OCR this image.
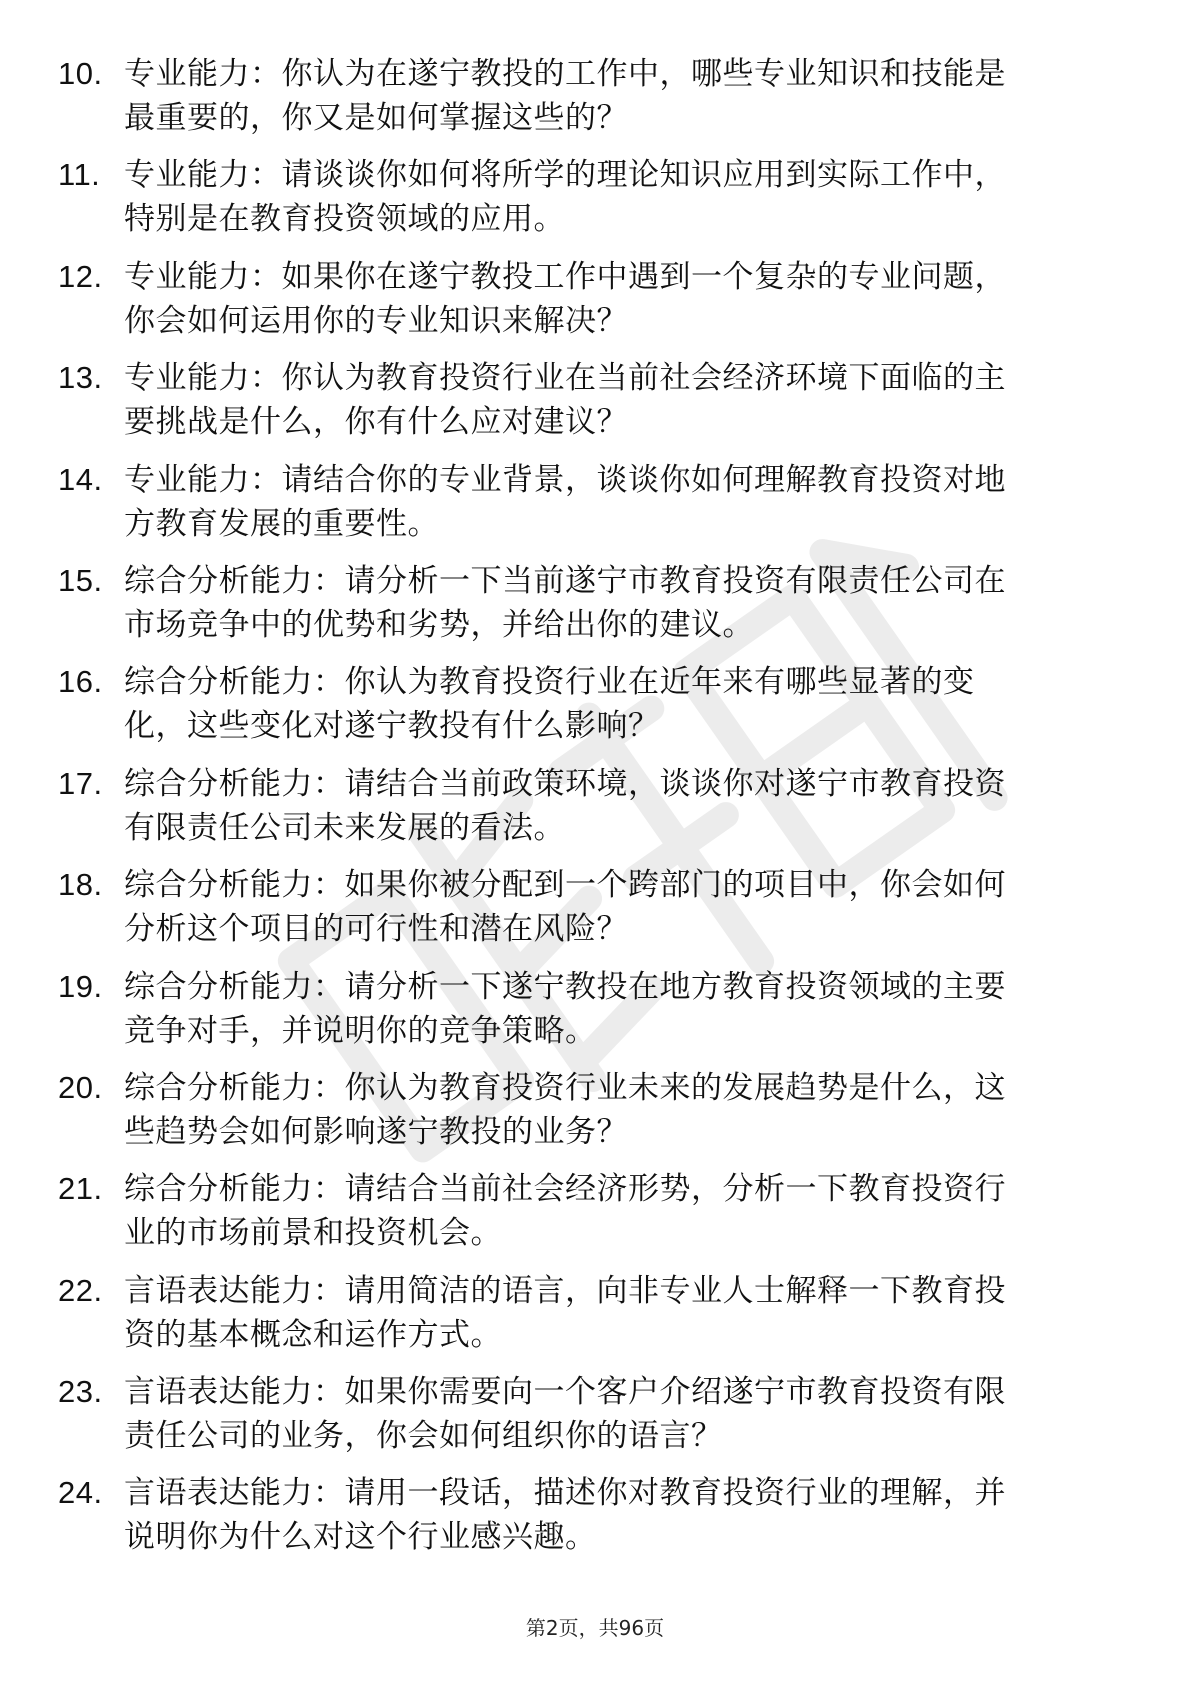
10. 专业能力：你认为在遂宁教投的工作中，哪些专业知识和技能是
最重要的，你又是如何掌握这些的？
11. 专业能力：请谈谈你如何将所学的理论知识应用到实际工作中，
特别是在教育投资领域的应用。
12. 专业能力：如果你在遂宁教投工作中遇到一个复杂的专业问题，
你会如何运用你的专业知识来解决？
13. 专业能力：你认为教育投资行业在当前社会经济环境下面临的主
要挑战是什么，你有什么应对建议？
14. 专业能力：请结合你的专业背景，谈谈你如何理解教育投资对地
方教育发展的重要性。
15. 综合分析能力：请分析一下当前遂宁市教育投资有限责任公司在
市场竞争中的优势和劣势，并给出你的建议。
16. 综合分析能力：你认为教育投资行业在近年来有哪些显著的变
化，这些变化对遂宁教投有什么影响？
17. 综合分析能力：请结合当前政策环境，谈谈你对遂宁市教育投资
有限责任公司未来发展的看法。
18. 综合分析能力：如果你被分配到一个跨部门的项目中，你会如何
分析这个项目的可行性和潜在风险？
19. 综合分析能力：请分析一下遂宁教投在地方教育投资领域的主要
竞争对手，并说明你的竞争策略。
20. 综合分析能力：你认为教育投资行业未来的发展趋势是什么，这
些趋势会如何影响遂宁教投的业务？
21. 综合分析能力：请结合当前社会经济形势，分析一下教育投资行
业的市场前景和投资机会。
22. 言语表达能力：请用简洁的语言，向非专业人士解释一下教育投
资的基本概念和运作方式。
23. 言语表达能力：如果你需要向一个客户介绍遂宁市教育投资有限
责任公司的业务，你会如何组织你的语言？
24. 言语表达能力：请用一段话，描述你对教育投资行业的理解，并
说明你为什么对这个行业感兴趣。
第2页，共96页
